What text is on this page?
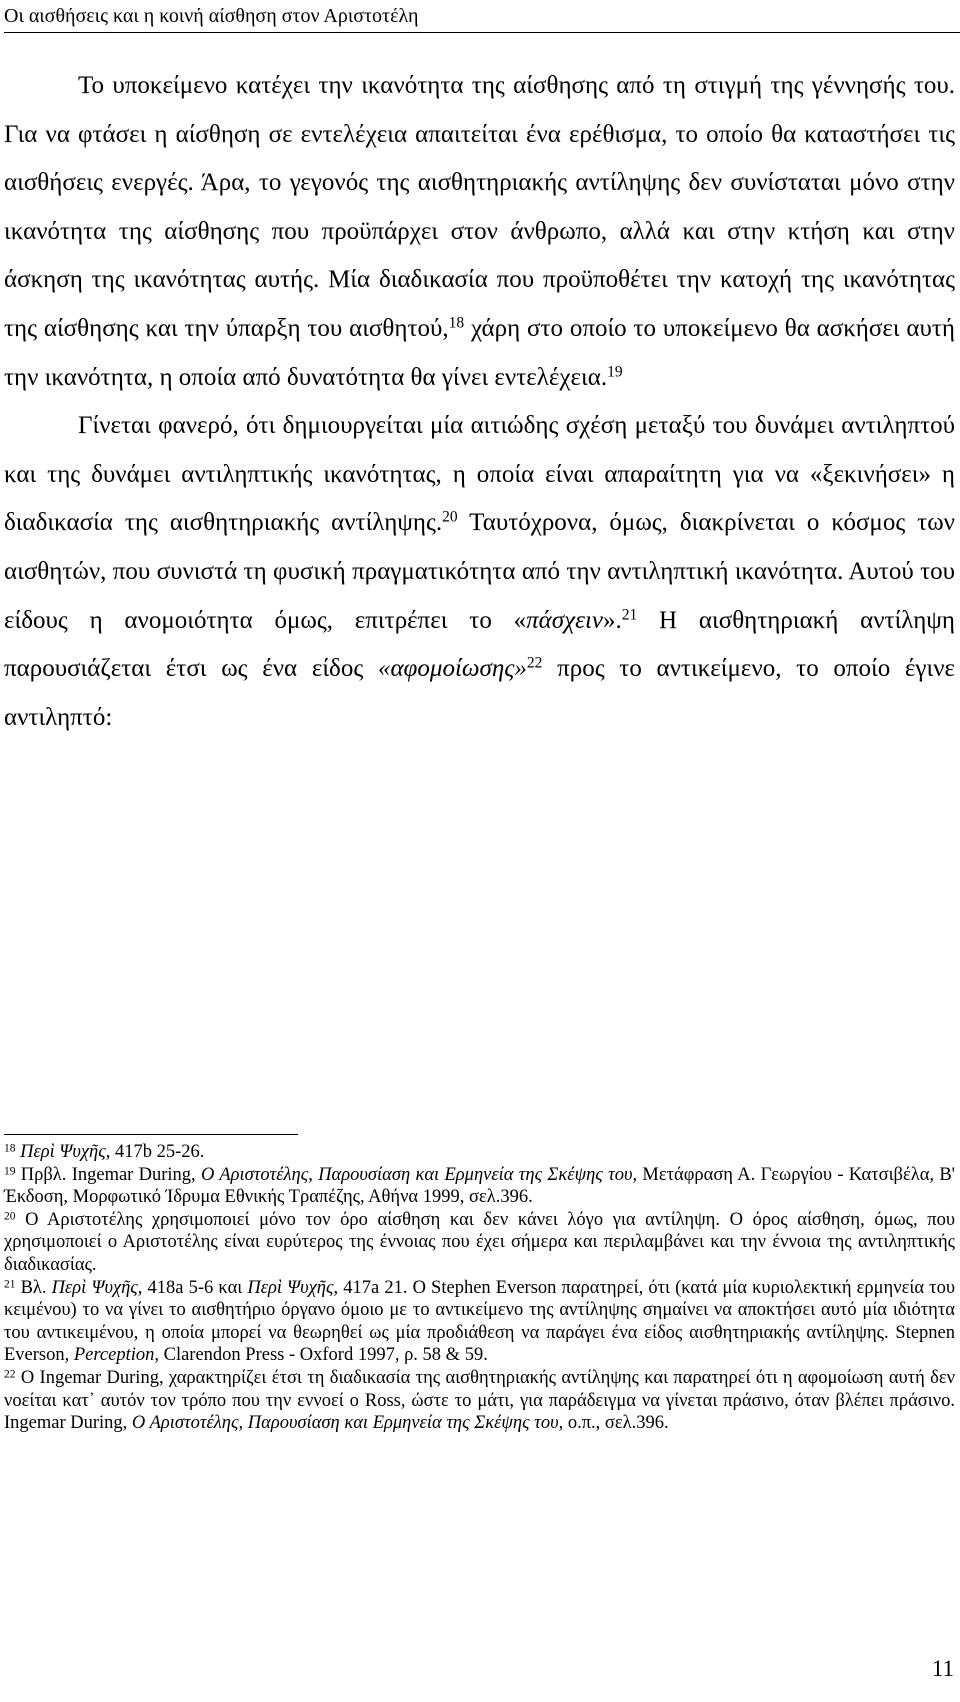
Οι αισθήσεις και η κοινή αίσθηση στον Αριστοτέλη

Το υποκείμενο κατέχει την ικανότητα της αίσθησης από τη στιγμή της γέννησής του. Για να φτάσει η αίσθηση σε εντελέχεια απαιτείται ένα ερέθισμα, το οποίο θα καταστήσει τις αισθήσεις ενεργές. Άρα, το γεγονός της αισθητηριακής αντίληψης δεν συνίσταται μόνο στην ικανότητα της αίσθησης που προϋπάρχει στον άνθρωπο, αλλά και στην κτήση και στην άσκηση της ικανότητας αυτής. Μία διαδικασία που προϋποθέτει την κατοχή της ικανότητας της αίσθησης και την ύπαρξη του αισθητού,$^{18}$ χάρη στο οποίο το υποκείμενο θα ασκήσει αυτή την ικανότητα, η οποία από δυνατότητα θα γίνει εντελέχεια.$^{19}$

Γίνεται φανερό, ότι δημιουργείται μία αιτιώδης σχέση μεταξύ του δυνάμει αντιληπτού και της δυνάμει αντιληπτικής ικανότητας, η οποία είναι απαραίτητη για να «ξεκινήσει» η διαδικασία της αισθητηριακής αντίληψης.$^{20}$ Ταυτόχρονα, όμως, διακρίνεται ο κόσμος των αισθητών, που συνιστά τη φυσική πραγματικότητα από την αντιληπτική ικανότητα. Αυτού του είδους η ανομοιότητα όμως, επιτρέπει το «πάσχειν».$^{21}$ Η αισθητηριακή αντίληψη παρουσιάζεται έτσι ως ένα είδος «αφομοίωσης»$^{22}$ προς το αντικείμενο, το οποίο έγινε αντιληπτό:

$^{18}$ Περὶ Ψυχῆς, 417b 25-26.

$^{19}$ Πρβλ. Ingemar During, Ο Αριστοτέλης, Παρουσίαση και Ερμηνεία της Σκέψης του, Μετάφραση Α. Γεωργίου - Κατσιβέλα, Β' Έκδοση, Μορφωτικό Ίδρυμα Εθνικής Τραπέζης, Αθήνα 1999, σελ.396.

$^{20}$ Ο Αριστοτέλης χρησιμοποιεί μόνο τον όρο αίσθηση και δεν κάνει λόγο για αντίληψη. Ο όρος αίσθηση, όμως, που χρησιμοποιεί ο Αριστοτέλης είναι ευρύτερος της έννοιας που έχει σήμερα και περιλαμβάνει και την έννοια της αντιληπτικής διαδικασίας.

$^{21}$ Βλ. Περὶ Ψυχῆς, 418a 5-6 και Περὶ Ψυχῆς, 417a 21. Ο Stephen Everson παρατηρεί, ότι (κατά μία κυριολεκτική ερμηνεία του κειμένου) το να γίνει το αισθητήριο όργανο όμοιο με το αντικείμενο της αντίληψης σημαίνει να αποκτήσει αυτό μία ιδιότητα του αντικειμένου, η οποία μπορεί να θεωρηθεί ως μία προδιάθεση να παράγει ένα είδος αισθητηριακής αντίληψης. Stepnen Everson, Perception, Clarendon Press - Oxford 1997, ρ. 58 & 59.

$^{22}$ Ο Ingemar During, χαρακτηρίζει έτσι τη διαδικασία της αισθητηριακής αντίληψης και παρατηρεί ότι η αφομοίωση αυτή δεν νοείται κατ᾽ αυτόν τον τρόπο που την εννοεί ο Ross, ώστε το μάτι, για παράδειγμα να γίνεται πράσινο, όταν βλέπει πράσινο. Ingemar During, Ο Αριστοτέλης, Παρουσίαση και Ερμηνεία της Σκέψης του, ο.π., σελ.396.

11
